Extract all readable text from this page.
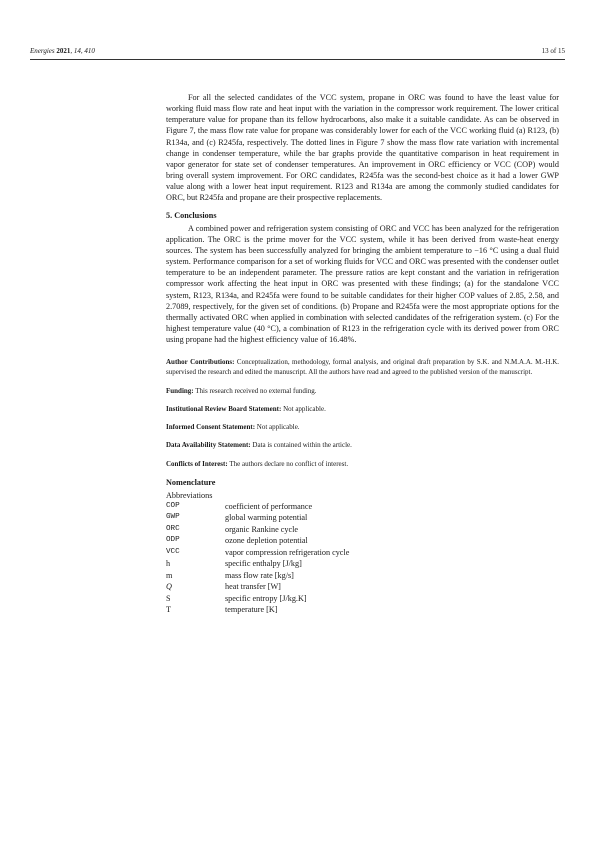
Energies 2021, 14, 410	13 of 15

For all the selected candidates of the VCC system, propane in ORC was found to have the least value for working fluid mass flow rate and heat input with the variation in the compressor work requirement. The lower critical temperature value for propane than its fellow hydrocarbons, also make it a suitable candidate. As can be observed in Figure 7, the mass flow rate value for propane was considerably lower for each of the VCC working fluid (a) R123, (b) R134a, and (c) R245fa, respectively. The dotted lines in Figure 7 show the mass flow rate variation with incremental change in condenser temperature, while the bar graphs provide the quantitative comparison in heat requirement in vapor generator for state set of condenser temperatures. An improvement in ORC efficiency or VCC (COP) would bring overall system improvement. For ORC candidates, R245fa was the second-best choice as it had a lower GWP value along with a lower heat input requirement. R123 and R134a are among the commonly studied candidates for ORC, but R245fa and propane are their prospective replacements.

5. Conclusions

A combined power and refrigeration system consisting of ORC and VCC has been analyzed for the refrigeration application. The ORC is the prime mover for the VCC system, while it has been derived from waste-heat energy sources. The system has been successfully analyzed for bringing the ambient temperature to −16 °C using a dual fluid system. Performance comparison for a set of working fluids for VCC and ORC was presented with the condenser outlet temperature to be an independent parameter. The pressure ratios are kept constant and the variation in refrigeration compressor work affecting the heat input in ORC was presented with these findings; (a) for the standalone VCC system, R123, R134a, and R245fa were found to be suitable candidates for their higher COP values of 2.85, 2.58, and 2.7089, respectively, for the given set of conditions. (b) Propane and R245fa were the most appropriate options for the thermally activated ORC when applied in combination with selected candidates of the refrigeration system. (c) For the highest temperature value (40 °C), a combination of R123 in the refrigeration cycle with its derived power from ORC using propane had the highest efficiency value of 16.48%.

Author Contributions: Conceptualization, methodology, formal analysis, and original draft preparation by S.K. and N.M.A.A. M.-H.K. supervised the research and edited the manuscript. All the authors have read and agreed to the published version of the manuscript.

Funding: This research received no external funding.

Institutional Review Board Statement: Not applicable.

Informed Consent Statement: Not applicable.

Data Availability Statement: Data is contained within the article.

Conflicts of Interest: The authors declare no conflict of interest.

Nomenclature
Abbreviations
COP	coefficient of performance
GWP	global warming potential
ORC	organic Rankine cycle
ODP	ozone depletion potential
VCC	vapor compression refrigeration cycle
h	specific enthalpy [J/kg]
m	mass flow rate [kg/s]
Q	heat transfer [W]
S	specific entropy [J/kg.K]
T	temperature [K]
